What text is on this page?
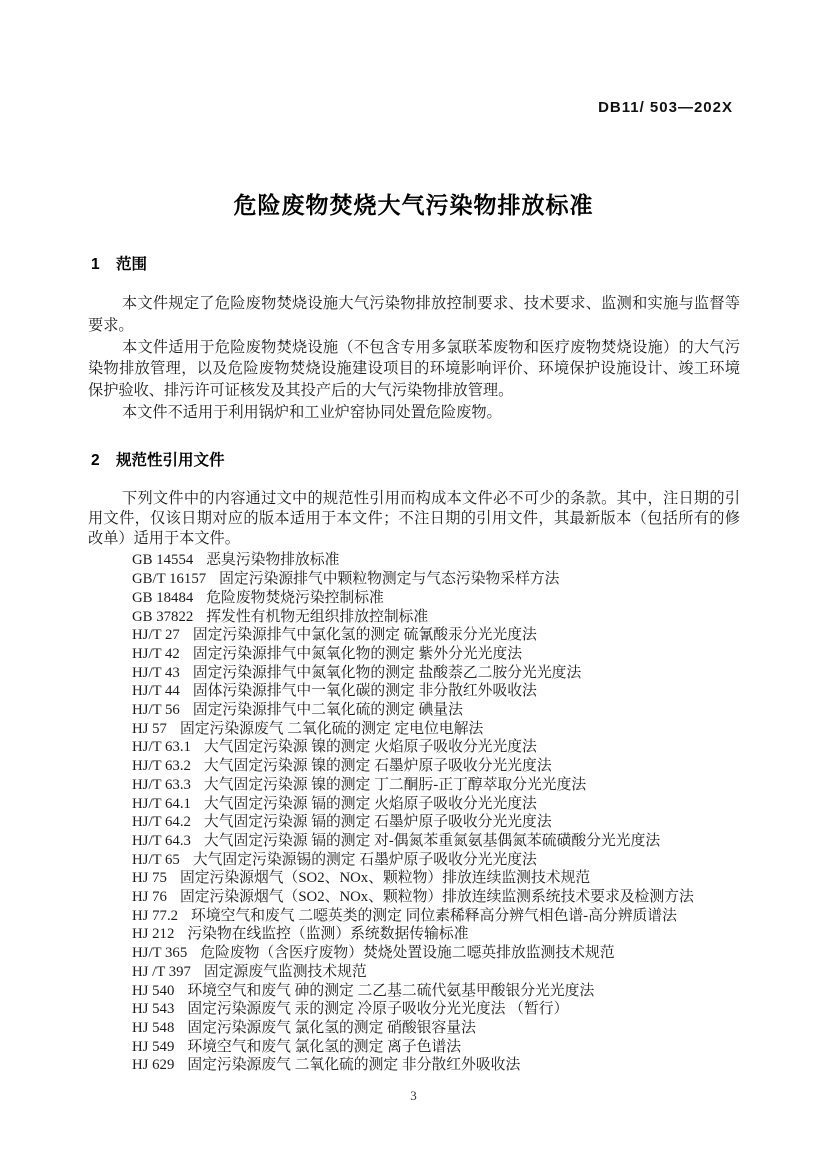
DB11/ 503—202X
危险废物焚烧大气污染物排放标准
1 范围

本文件规定了危险废物焚烧设施大气污染物排放控制要求、技术要求、监测和实施与监督等要求。

本文件适用于危险废物焚烧设施（不包含专用多氯联苯废物和医疗废物焚烧设施）的大气污染物排放管理，以及危险废物焚烧设施建设项目的环境影响评价、环境保护设施设计、竣工环境保护验收、排污许可证核发及其投产后的大气污染物排放管理。

本文件不适用于利用锅炉和工业炉窑协同处置危险废物。

2 规范性引用文件

下列文件中的内容通过文中的规范性引用而构成本文件必不可少的条款。其中，注日期的引用文件，仅该日期对应的版本适用于本文件；不注日期的引用文件，其最新版本（包括所有的修改单）适用于本文件。

GB 14554 恶臭污染物排放标准

GB/T 16157 固定污染源排气中颗粒物测定与气态污染物采样方法

GB 18484 危险废物焚烧污染控制标准

GB 37822 挥发性有机物无组织排放控制标准

HJ/T 27 固定污染源排气中氯化氢的测定 硫氰酸汞分光光度法

HJ/T 42 固定污染源排气中氮氧化物的测定 紫外分光光度法

HJ/T 43 固定污染源排气中氮氧化物的测定 盐酸萘乙二胺分光光度法

HJ/T 44 固体污染源排气中一氧化碳的测定 非分散红外吸收法

HJ/T 56 固定污染源排气中二氧化硫的测定 碘量法

HJ 57 固定污染源废气 二氧化硫的测定 定电位电解法

HJ/T 63.1 大气固定污染源 镍的测定 火焰原子吸收分光光度法

HJ/T 63.2 大气固定污染源 镍的测定 石墨炉原子吸收分光光度法

HJ/T 63.3 大气固定污染源 镍的测定 丁二酮肟-正丁醇萃取分光光度法

HJ/T 64.1 大气固定污染源 镉的测定 火焰原子吸收分光光度法

HJ/T 64.2 大气固定污染源 镉的测定 石墨炉原子吸收分光光度法

HJ/T 64.3 大气固定污染源 镉的测定 对-偶氮苯重氮氨基偶氮苯硫磺酸分光光度法

HJ/T 65 大气固定污染源锡的测定 石墨炉原子吸收分光光度法

HJ 75 固定污染源烟气（SO2、NOx、颗粒物）排放连续监测技术规范

HJ 76 固定污染源烟气（SO2、NOx、颗粒物）排放连续监测系统技术要求及检测方法

HJ 77.2 环境空气和废气 二噁英类的测定 同位素稀释高分辨气相色谱-高分辨质谱法

HJ 212 污染物在线监控（监测）系统数据传输标准

HJ/T 365 危险废物（含医疗废物）焚烧处置设施二噁英排放监测技术规范

HJ /T 397 固定源废气监测技术规范

HJ 540 环境空气和废气 砷的测定 二乙基二硫代氨基甲酸银分光光度法

HJ 543 固定污染源废气 汞的测定 冷原子吸收分光光度法 （暂行）

HJ 548 固定污染源废气 氯化氢的测定 硝酸银容量法

HJ 549 环境空气和废气 氯化氢的测定 离子色谱法

HJ 629 固定污染源废气 二氧化硫的测定 非分散红外吸收法

3
